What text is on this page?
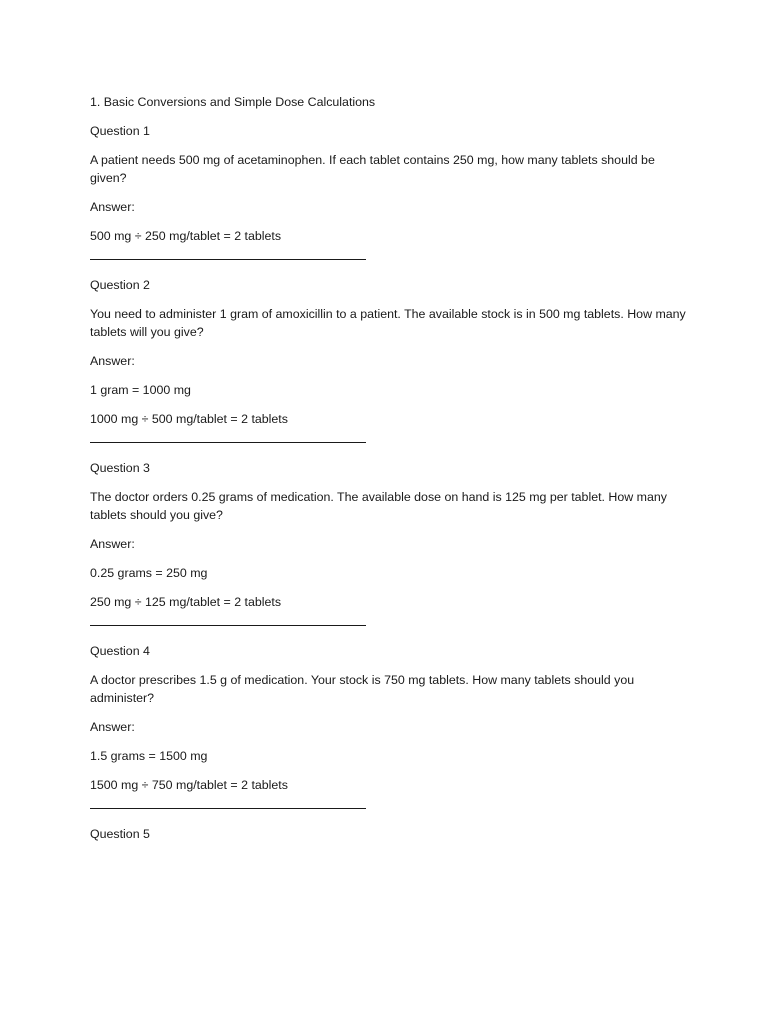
1. Basic Conversions and Simple Dose Calculations

Question 1

A patient needs 500 mg of acetaminophen. If each tablet contains 250 mg, how many tablets should be given?

Answer:

500 mg ÷ 250 mg/tablet = 2 tablets

Question 2

You need to administer 1 gram of amoxicillin to a patient. The available stock is in 500 mg tablets. How many tablets will you give?

Answer:

1 gram = 1000 mg

1000 mg ÷ 500 mg/tablet = 2 tablets

Question 3

The doctor orders 0.25 grams of medication. The available dose on hand is 125 mg per tablet. How many tablets should you give?

Answer:

0.25 grams = 250 mg

250 mg ÷ 125 mg/tablet = 2 tablets

Question 4

A doctor prescribes 1.5 g of medication. Your stock is 750 mg tablets. How many tablets should you administer?

Answer:

1.5 grams = 1500 mg

1500 mg ÷ 750 mg/tablet = 2 tablets

Question 5
